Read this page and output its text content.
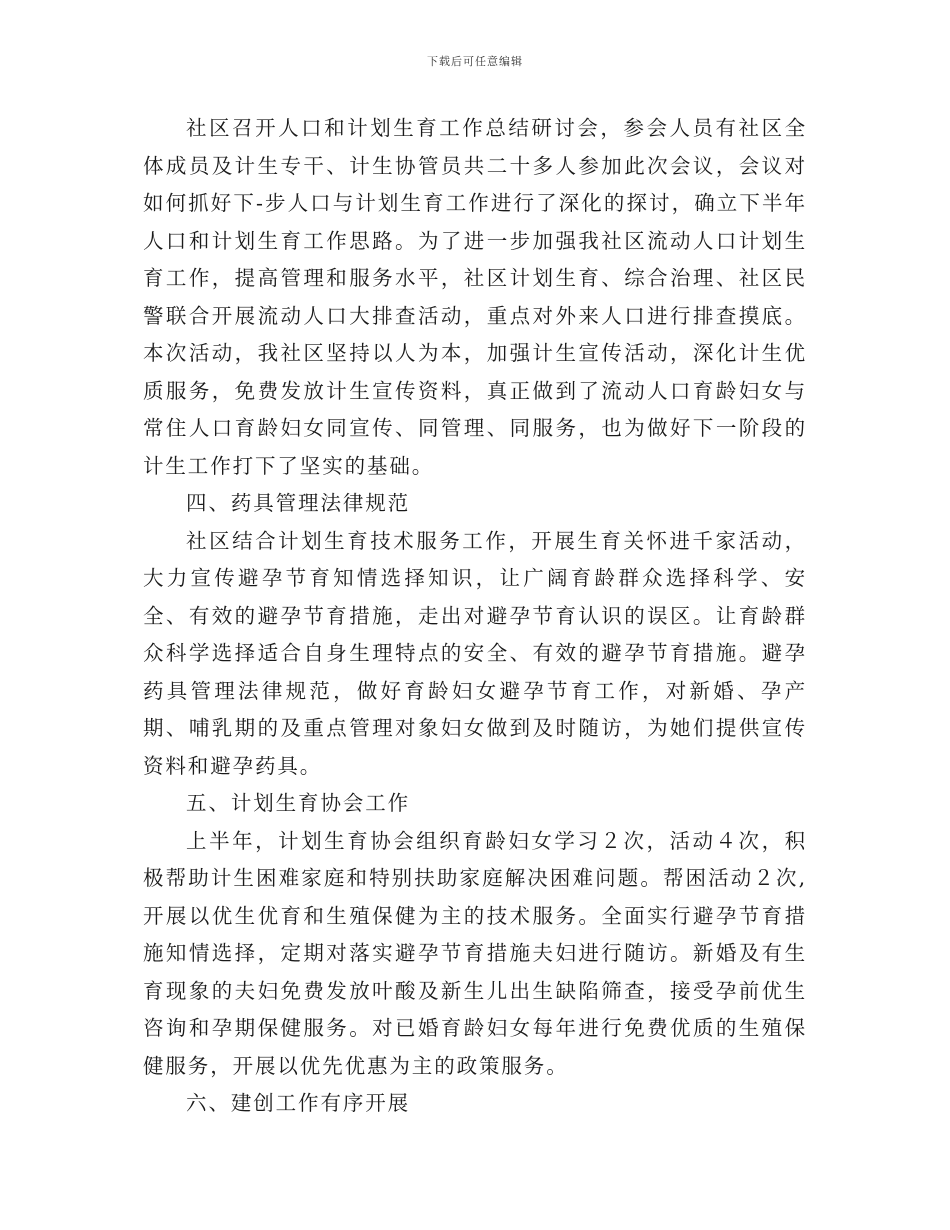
下载后可任意编辑

社区召开人口和计划生育工作总结研讨会，参会人员有社区全体成员及计生专干、计生协管员共二十多人参加此次会议，会议对如何抓好下-步人口与计划生育工作进行了深化的探讨，确立下半年人口和计划生育工作思路。为了进一步加强我社区流动人口计划生育工作，提高管理和服务水平，社区计划生育、综合治理、社区民警联合开展流动人口大排查活动，重点对外来人口进行排查摸底。本次活动，我社区坚持以人为本，加强计生宣传活动，深化计生优质服务，免费发放计生宣传资料，真正做到了流动人口育龄妇女与常住人口育龄妇女同宣传、同管理、同服务，也为做好下一阶段的计生工作打下了坚实的基础。

四、药具管理法律规范

社区结合计划生育技术服务工作，开展生育关怀进千家活动，大力宣传避孕节育知情选择知识，让广阔育龄群众选择科学、安全、有效的避孕节育措施，走出对避孕节育认识的误区。让育龄群众科学选择适合自身生理特点的安全、有效的避孕节育措施。避孕药具管理法律规范，做好育龄妇女避孕节育工作，对新婚、孕产期、哺乳期的及重点管理对象妇女做到及时随访，为她们提供宣传资料和避孕药具。

五、计划生育协会工作

上半年，计划生育协会组织育龄妇女学习２次，活动４次，积极帮助计生困难家庭和特别扶助家庭解决困难问题。帮困活动２次,开展以优生优育和生殖保健为主的技术服务。全面实行避孕节育措施知情选择，定期对落实避孕节育措施夫妇进行随访。新婚及有生育现象的夫妇免费发放叶酸及新生儿出生缺陷筛查，接受孕前优生咨询和孕期保健服务。对已婚育龄妇女每年进行免费优质的生殖保健服务，开展以优先优惠为主的政策服务。

六、建创工作有序开展
